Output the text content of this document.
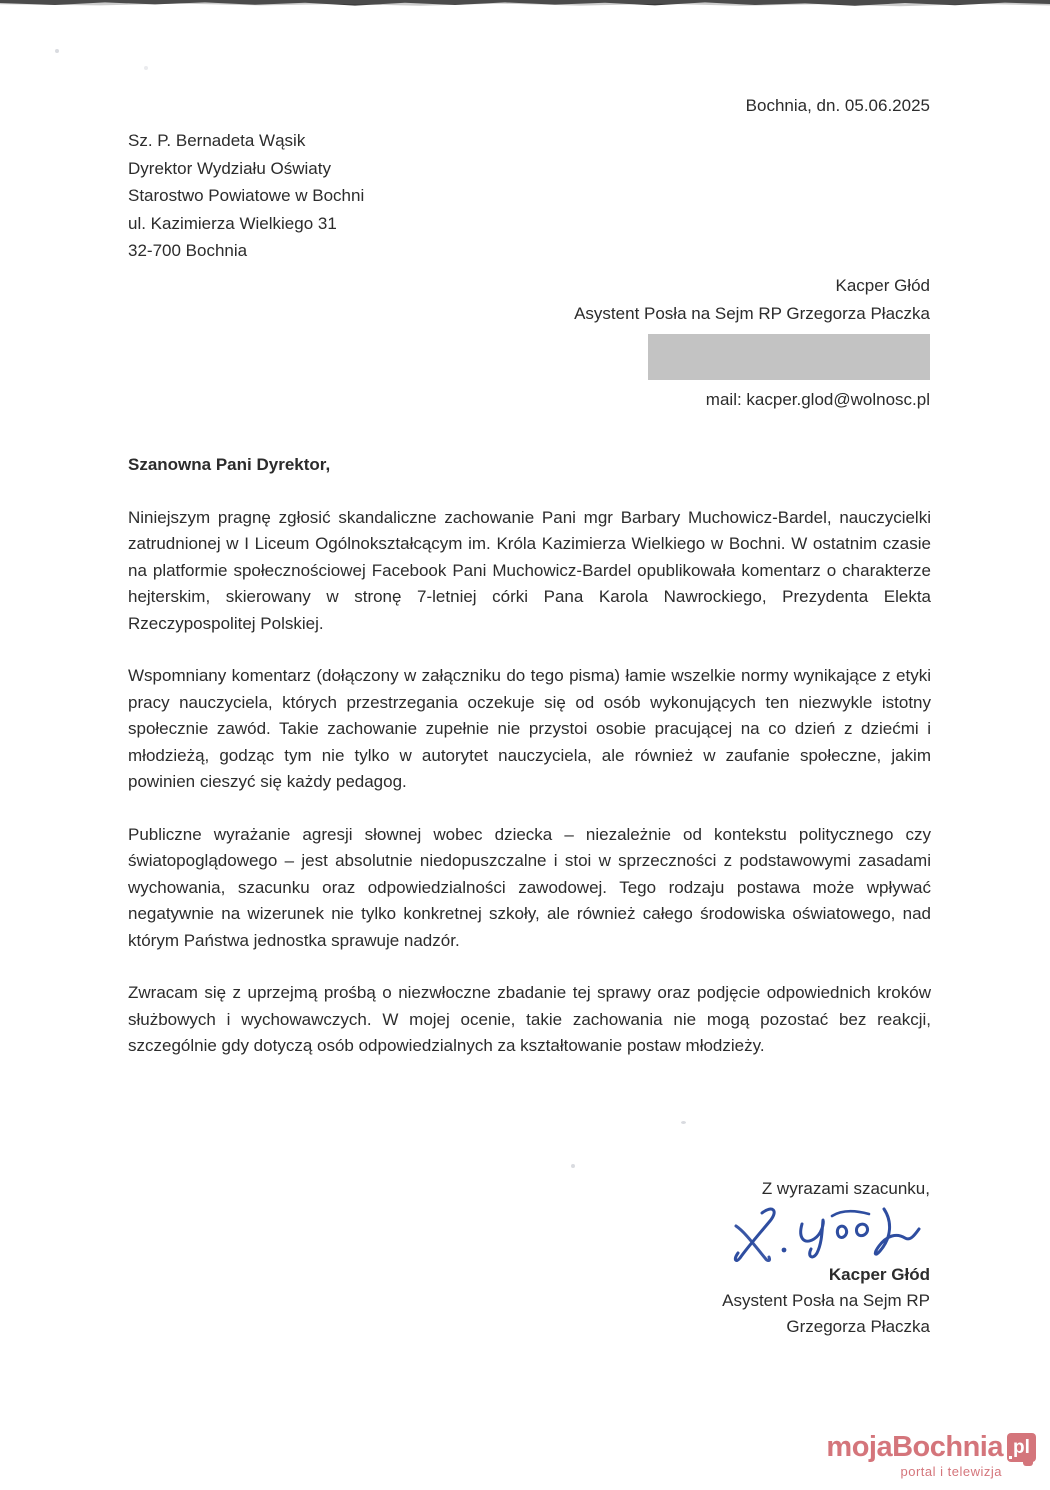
Bochnia, dn. 05.06.2025
Sz. P. Bernadeta Wąsik
Dyrektor Wydziału Oświaty
Starostwo Powiatowe w Bochni
ul. Kazimierza Wielkiego 31
32-700 Bochnia
Kacper Głód
Asystent Posła na Sejm RP Grzegorza Płaczka
mail: kacper.glod@wolnosc.pl

Szanowna Pani Dyrektor,

Niniejszym pragnę zgłosić skandaliczne zachowanie Pani mgr Barbary Muchowicz-Bardel, nauczycielki zatrudnionej w I Liceum Ogólnokształcącym im. Króla Kazimierza Wielkiego w Bochni. W ostatnim czasie na platformie społecznościowej Facebook Pani Muchowicz-Bardel opublikowała komentarz o charakterze hejterskim, skierowany w stronę 7-letniej córki Pana Karola Nawrockiego, Prezydenta Elekta Rzeczypospolitej Polskiej.

Wspomniany komentarz (dołączony w załączniku do tego pisma) łamie wszelkie normy wynikające z etyki pracy nauczyciela, których przestrzegania oczekuje się od osób wykonujących ten niezwykle istotny społecznie zawód. Takie zachowanie zupełnie nie przystoi osobie pracującej na co dzień z dziećmi i młodzieżą, godząc tym nie tylko w autorytet nauczyciela, ale również w zaufanie społeczne, jakim powinien cieszyć się każdy pedagog.

Publiczne wyrażanie agresji słownej wobec dziecka – niezależnie od kontekstu politycznego czy światopoglądowego – jest absolutnie niedopuszczalne i stoi w sprzeczności z podstawowymi zasadami wychowania, szacunku oraz odpowiedzialności zawodowej. Tego rodzaju postawa może wpływać negatywnie na wizerunek nie tylko konkretnej szkoły, ale również całego środowiska oświatowego, nad którym Państwa jednostka sprawuje nadzór.

Zwracam się z uprzejmą prośbą o niezwłoczne zbadanie tej sprawy oraz podjęcie odpowiednich kroków służbowych i wychowawczych. W mojej ocenie, takie zachowania nie mogą pozostać bez reakcji, szczególnie gdy dotyczą osób odpowiedzialnych za kształtowanie postaw młodzieży.

Z wyrazami szacunku,
Kacper Głód
Asystent Posła na Sejm RP
Grzegorza Płaczka
mojaBochnia pl
portal i telewizja
